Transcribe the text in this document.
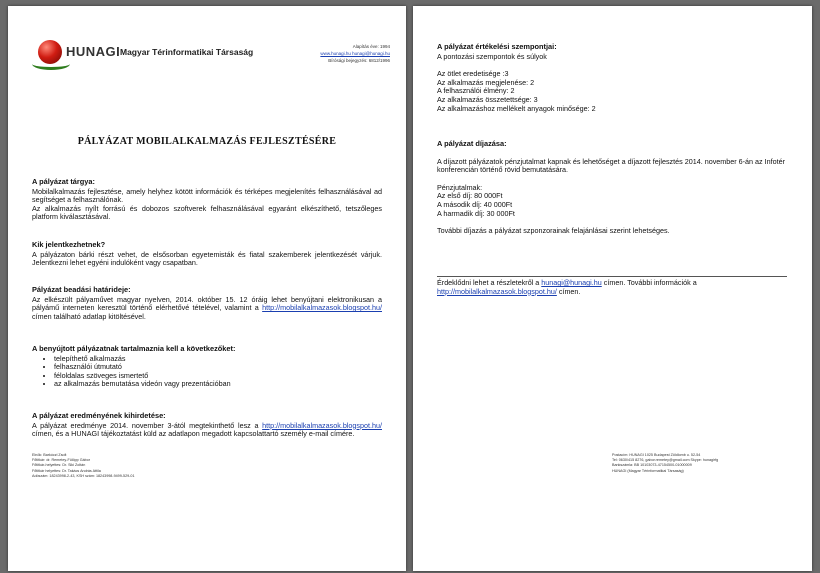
HUNAGI Magyar Térinformatikai Társaság
Alapítás éve: 1994
www.hunagi.hu hunagi@hunagi.hu
Bírósági bejegyzés: 6812/1996
PÁLYÁZAT MOBILALKALMAZÁS FEJLESZTÉSÉRE
A pályázat tárgya:
Mobilalkalmazás fejlesztése, amely helyhez kötött információk és térképes megjelenítés felhasználásával ad segítséget a felhasználónak.
Az alkalmazás nyílt forrású és dobozos szoftverek felhasználásával egyaránt elkészíthető, tetszőleges platform kiválasztásával.
Kik jelentkezhetnek?
A pályázaton bárki részt vehet, de elsősorban egyetemisták és fiatal szakemberek jelentkezését várjuk. Jelentkezni lehet egyéni indulóként vagy csapatban.
Pályázat beadási határideje:
Az elkészült pályaművet magyar nyelven, 2014. október 15. 12 óráig lehet benyújtani elektronikusan a pályámű interneten keresztül történő elérhetővé tételével, valamint a http://mobilalkalmazasok.blogspot.hu/ címen található adatlap kitöltésével.
A benyújtott pályázatnak tartalmaznia kell a következőket:
• telepíthető alkalmazás
• felhasználói útmutató
• féloldalas szöveges ismertető
• az alkalmazás bemutatása videón vagy prezentációban
A pályázat eredményének kihirdetése:
A pályázat eredménye 2014. november 3-ától megtekinthető lesz a http://mobilalkalmazasok.blogspot.hu/ címen, és a HUNAGI tájékoztatást küld az adatlapon megadott kapcsolattartó személy e-mail címére.
A pályázat értékelési szempontjai:
A pontozási szempontok és súlyok
Az ötlet eredetisége :3
Az alkalmazás megjelenése: 2
A felhasználói élmény: 2
Az alkalmazás összetettsége: 3
Az alkalmazáshoz mellékelt anyagok minősége: 2
A pályázat díjazása:
A díjazott pályázatok pénzjutalmat kapnak és lehetőséget a díjazott fejlesztés 2014. november 6-án az Infotér konferencián történő rövid bemutatására.
Pénzjutalmak:
Az első díj: 80 000Ft
A második díj: 40 000Ft
A harmadik díj: 30 000Ft
További díjazás a pályázat szponzorainak felajánlásai szerint lehetséges.
Érdeklődni lehet a részletekről a hunagi@hunagi.hu címen. További információk a http://mobilalkalmazasok.blogspot.hu/ címen.
Elnök: Barkóczi Zsolt
Főtitkár: dr. Remetey-Fülöpp Gábor
Főtitkár-helyettes: Dr. Siki Zoltán
Főtitkár helyettes: Dr. Takács András Attila
Adószám: 18243998-2-43, KSH szám: 18243998-9499-529-01
Postacím: HUNAGI 1025 Budapest Zöldlomb u. 52-54
Tel: 0630/415 8276, gabor.remetey@gmail.com Skype: hunagirfg
Bankszámla: BB 10103073-47154500-01000009
HUNAGI (Magyar Térinformatikai Társaság)
